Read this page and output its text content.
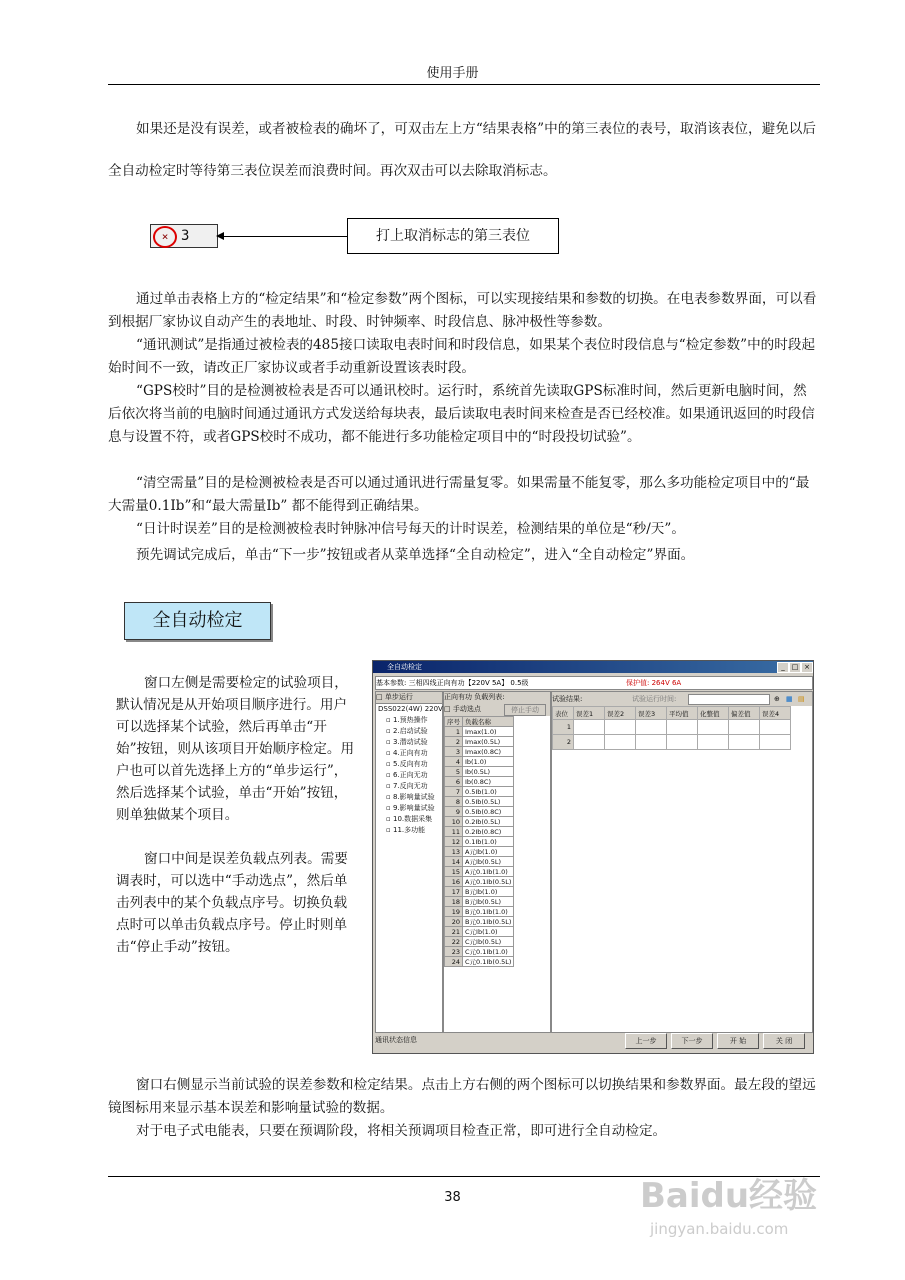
使用手册

如果还是没有误差，或者被检表的确坏了，可双击左上方“结果表格”中的第三表位的表号，取消该表位，避免以后全自动检定时等待第三表位误差而浪费时间。再次双击可以去除取消标志。

× 3	打上取消标志的第三表位

通过单击表格上方的“检定结果”和“检定参数”两个图标，可以实现接结果和参数的切换。在电表参数界面，可以看到根据厂家协议自动产生的表地址、时段、时钟频率、时段信息、脉冲极性等参数。

“通讯测试”是指通过被检表的485接口读取电表时间和时段信息，如果某个表位时段信息与“检定参数”中的时段起始时间不一致，请改正厂家协议或者手动重新设置该表时段。

“GPS校时”目的是检测被检表是否可以通讯校时。运行时，系统首先读取GPS标准时间，然后更新电脑时间，然后依次将当前的电脑时间通过通讯方式发送给每块表，最后读取电表时间来检查是否已经校准。如果通讯返回的时段信息与设置不符，或者GPS校时不成功，都不能进行多功能检定项目中的“时段投切试验”。

“清空需量”目的是检测被检表是否可以通过通讯进行需量复零。如果需量不能复零，那么多功能检定项目中的“最大需量0.1Ib”和“最大需量Ib” 都不能得到正确结果。

“日计时误差”目的是检测被检表时钟脉冲信号每天的计时误差，检测结果的单位是“秒/天”。

预先调试完成后，单击“下一步”按钮或者从菜单选择“全自动检定”，进入“全自动检定”界面。

全自动检定

窗口左侧是需要检定的试验项目，默认情况是从开始项目顺序进行。用户可以选择某个试验，然后再单击“开始”按钮，则从该项目开始顺序检定。用户也可以首先选择上方的“单步运行”，然后选择某个试验，单击“开始”按钮，则单独做某个项目。

窗口中间是误差负载点列表。需要调表时，可以选中“手动选点”，然后单击列表中的某个负载点序号。切换负载点时可以单击负载点序号。停止时则单击“停止手动”按钮。

全自动检定	_ □ ×
基本参数: 三相四线正向有功【220V 5A】 0.5级	保护值: 264V 6A
□ 单步运行
DSS022(4W) 220V
▫ 1.预热操作
▫ 2.启动试验
▫ 3.潜动试验
▫ 4.正向有功
▫ 5.反向有功
▫ 6.正向无功
▫ 7.反向无功
▫ 8.影响量试验
▫ 9.影响量试验
▫ 10.数据采集
▫ 11.多功能
正向有功 负载列表:
□ 手动选点	停止手动
序号	负载名称
1	Imax(1.0)
2	Imax(0.5L)
3	Imax(0.8C)
4	Ib(1.0)
5	Ib(0.5L)
6	Ib(0.8C)
7	0.5Ib(1.0)
8	0.5Ib(0.5L)
9	0.5Ib(0.8C)
10	0.2Ib(0.5L)
11	0.2Ib(0.8C)
12	0.1Ib(1.0)
13	A元Ib(1.0)
14	A元Ib(0.5L)
15	A元0.1Ib(1.0)
16	A元0.1Ib(0.5L)
17	B元Ib(1.0)
18	B元Ib(0.5L)
19	B元0.1Ib(1.0)
20	B元0.1Ib(0.5L)
21	C元Ib(1.0)
22	C元Ib(0.5L)
23	C元0.1Ib(1.0)
24	C元0.1Ib(0.5L)
试验结果:	试验运行时间:	⊕ ▦ ▤
表位	误差1	误差2	误差3	平均值	化整值	偏差值	误差4
1							
2							
通讯状态信息	上一步	下一步	开 始	关 闭

窗口右侧显示当前试验的误差参数和检定结果。点击上方右侧的两个图标可以切换结果和参数界面。最左段的望远镜图标用来显示基本误差和影响量试验的数据。

对于电子式电能表，只要在预调阶段，将相关预调项目检查正常，即可进行全自动检定。

38	Baidu经验
jingyan.baidu.com
